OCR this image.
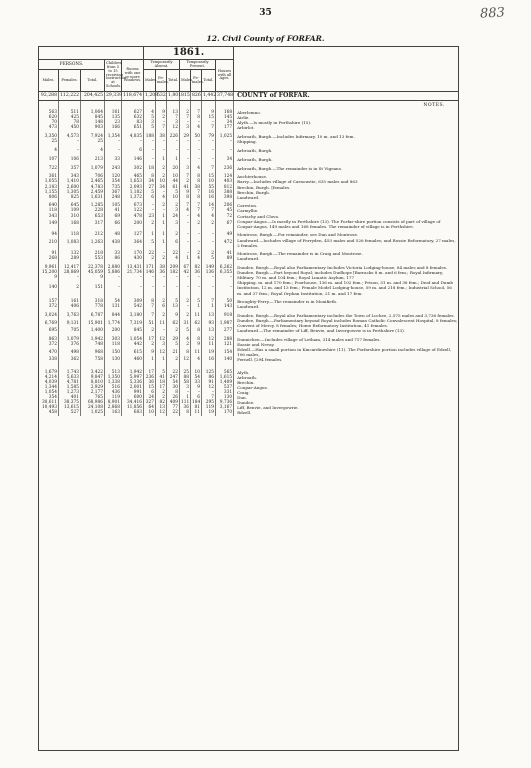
35	883
12. Civil County of FORFAR.
					1861.							
PERSONS.			Children from 5 to 15 receiving Instruction at Schools.	Rooms with one or more Windows.	Temporarily Absent.			Temporarily Present.			Houses with all Ages.	
Males.	Females.	Total.			Males.	Fe-males.	Total.	Males.	Fe-males.	Total.		
92,288	112,222	204,425	29,339	118,674	1,209	532	1,801	815	826	1,442	37,748	COUNTY of FORFAR.
												NOTES.
563	511	1,064	161	627	4	9	13	2	7	9	168	Aberlemno.
620	425	845	135	632	5	2	7	7	8	15	145	Airlie.
70	78	148	23	83	3	–	3	–	–	–	34	Alyth.—Is mostly in Perthshire (15).
473	450	903	166	651	5	7	12	3	4	7	177	Arbirlot.

3,350	4,573	7,924	1,354	4,835	188	38	226	29	50	79	1,025	Arbroath, Burgh.—Includes Infirmary, 10 m. and 13 fem.
25	–	25	–	–	–	–	–	–	–	–	–	Shipping.

4	–	4	–	6	–	–	–	–	–	–	–	Arbroath, Burgh.

107	106	213	33	146	–	1	1	–	–	–	34	Arbroath, Burgh.

722	357	1,079	243	302	18	2	20	3	4	7	236	Arbroath, Burgh.—The remainder is in St Vigeans.

361	343	706	120	465	8	2	10	7	8	15	124	Auchterhouse.
1,055	1,410	2,465	354	1,653	34	10	44	2	8	10	403	Barry.—Includes village of Carnoustie, 635 males and 863
2,183	2,600	4,783	735	2,093	27	34	61	41	38	55	812	Brechin, Burgh. [females.
1,155	1,305	2,459	367	1,182	5	–	5	9	7	16	388	Brechin, Burgh.
806	825	1,631	248	1,372	6	4	10	8	8	16	398	Landward.

640	645	1,285	105	673	–	2	2	7	7	14	206	Careston.
118	109	228	41	122	–	–	3	4	7	7	45	Carmyllie.
343	310	653	69	478	23	1	24	–	4	4	72	Cortachy and Clova.
149	168	317	66	200	2	1	3	–	2	2	67	Coupar-Angus.—Is mostly in Perthshire (13). The Forfar-shire portion consists of part of village of Coupar-Angus, 149 males and 168 females. The remainder of village is in Perthshire.

94	118	212	48	127	1	1	2	–	–	–	49	Montrose, Burgh.—For remainder, see Dun and Montrose.
210	1,083	1,263	438	364	5	1	6	–	–	–	472	Landward.—Includes village of Ferryden, 453 males and 526 females; and Rossie Reformatory, 27 males, 2 females.

91	132	218	33	170	22	–	22	–	2	2	41	Montrose, Burgh.—The remainder is in Craig and Montrose.
268	289	553	86	430	2	2	4	1	4	5	89	Landward.

9,961	12,417	22,378	2,880	13,431	171	38	209	67	82	149	6,262	Dundee, Burgh.—Royal also Parliamentary Includes Victoria Lodging-house, 84 males and 8 females.
15,200	28,869	45,059	5,886	21,734	146	36	182	42	36	136	6,355	Dundee, Burgh.—Part beyond Royal; includes Dudhope [Barracks 8 m. and 6 fem.; Royal Infirmary,
9	–	9	–	–	–	–	–	–	–	–	–	Military. 70 m. and 104 fem.; Royal Lunatic Asylum, 177
140	2	151	–	–	–	–	–	–	–	–	–	Shipping. m. and 170 fem.; Poorhouse, 136 m. and 102 fem.; Prison, 51 m. and 38 fem.; Deaf and Dumb Institution, 12 m. and 13 fem.; Female Model Lodging-house, 59 m. and 218 fem.; Industrial School, 56 m. and 37 fem.; Royal Orphan Institution, 21 m. and 17 fem.

157	161	318	54	309	8	2	5	2	5	7	50	Broughty-Ferry.—The remainder is in Monifieth.
372	406	778	131	542	7	6	13	–	1	1	143	Landward.

3,024	3,763	6,787	844	3,180	7	2	9	2	11	13	918	Dundee, Burgh.—Royal also Parliamentary includes the Town of Lochee, 2,575 males and 3,736 females.
6,769	9,131	15,901	1,774	7,319	51	11	62	31	62	93	1,987	Dundee, Burgh.—Parliamentary beyond Royal includes Roman Catholic Convalescent Hospital, 8 females; Convent of Mercy, 8 females; Home Reformatory Institution, 41 females.
695	705	1,400	200	845	2	–	2	5	8	13	277	Landward.—The remainder of Liff, Benvie, and Invergowrie is in Perthshire (13).

863	1,079	1,942	303	1,054	17	12	29	4	8	12	288	Dunnichen.—Includes village of Letham, 314 males and 717 females.
372	376	748	118	442	2	3	5	2	9	11	121	Eassie and Nevay.
470	498	968	150	615	9	12	21	8	11	19	154	Edzell.—Has a small portion in Kincardineshire (11). The Forfarshire portion includes village of Edzell, 106 males,
338	362	758	130	460	1	1	2	12	4	16	140	Fernell. [294 females.

1,679	1,743	3,422	513	1,942	17	5	22	25	10	125	565	Alyth.
4,214	5,633	9,847	1,350	5,997	236	41	247	88	54	86	1,615	Arbroath.
4,039	4,781	8,810	1,338	5,336	36	18	54	58	33	91	1,409	Brechin.
1,344	1,585	2,929	516	2,001	15	17	30	3	9	12	537	Coupar-Angus.
1,054	1,273	2,177	436	991	6	2	8	–	–	–	331	Craig.
354	401	765	119	600	24	2	26	1	6	7	130	Dun.
30,611	38,375	68,986	8,901	34,416	327	82	409	111	184	295	9,736	Dundee.
10,493	13,615	24,108	2,868	11,856	64	13	77	36	81	119	3,167	Liff, Benvie, and Invergowrie.
458	527	1,025	163	683	10	12	22	8	11	19	170	Rdzell.
